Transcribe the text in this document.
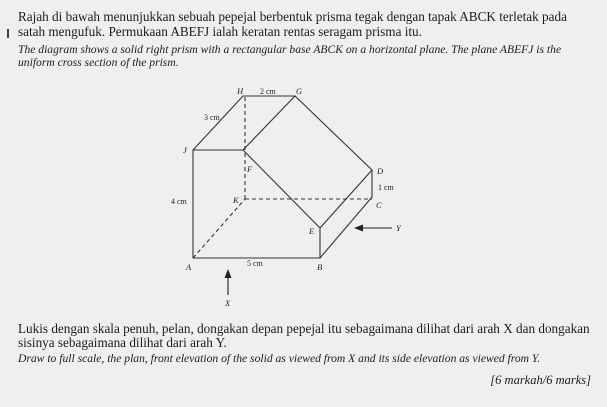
Rajah di bawah menunjukkan sebuah pepejal berbentuk prisma tegak dengan tapak ABCK terletak pada satah mengufuk. Permukaan ABEFJ ialah keratan rentas seragam prisma itu.
The diagram shows a solid right prism with a rectangular base ABCK on a horizontal plane. The plane ABEFJ is the uniform cross section of the prism.
H	G
J
F	D
C
K
E
A	B
2 cm
3 cm
4 cm
5 cm
1 cm
Y
X
Lukis dengan skala penuh, pelan, dongakan depan pepejal itu sebagaimana dilihat dari arah X dan dongakan sisinya sebagaimana dilihat dari arah Y.
Draw to full scale, the plan, front elevation of the solid as viewed from X and its side elevation as viewed from Y.
[6 markah/6 marks]
